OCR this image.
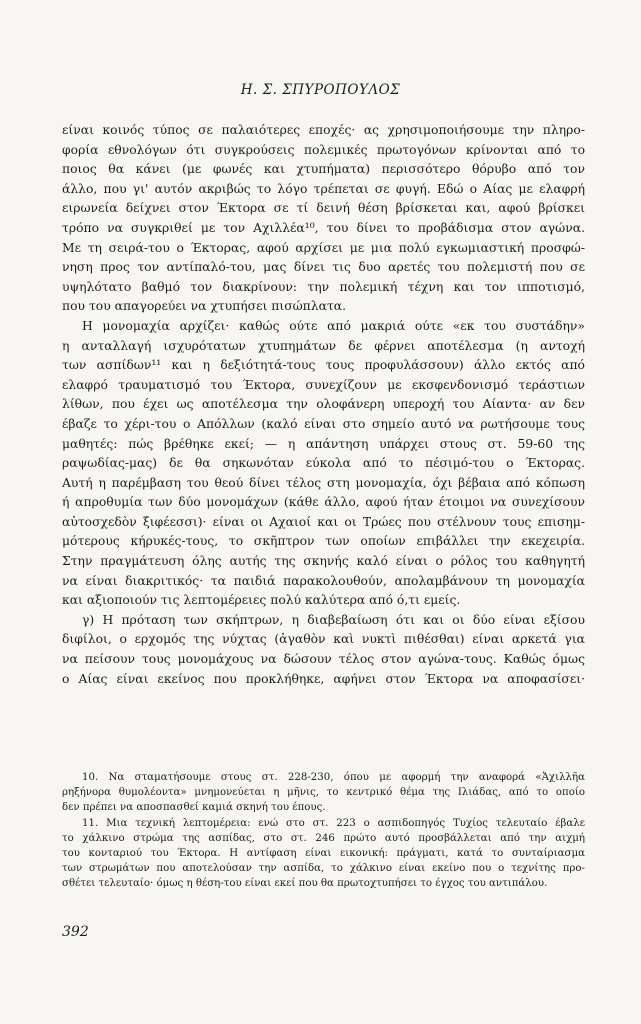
Η. Σ. ΣΠΥΡΟΠΟΥΛΟΣ
είναι κοινός τύπος σε παλαιότερες εποχές· ας χρησιμοποιήσουμε την πληρο-
φορία εθνολόγων ότι συγκρούσεις πολεμικές πρωτογόνων κρίνονται από το
ποιος θα κάνει (με φωνές και χτυπήματα) περισσότερο θόρυβο από τον
άλλο, που γι' αυτόν ακριβώς το λόγο τρέπεται σε φυγή. Εδώ ο Αίας με ελαφρή
ειρωνεία δείχνει στον Έκτορα σε τί δεινή θέση βρίσκεται και, αφού βρίσκει
τρόπο να συγκριθεί με τον Αχιλλέα¹⁰, του δίνει το προβάδισμα στον αγώνα.
Με τη σειρά-του ο Έκτορας, αφού αρχίσει με μια πολύ εγκωμιαστική προσφώ-
νηση προς τον αντίπαλό-του, μας δίνει τις δυο αρετές του πολεμιστή που σε
υψηλότατο βαθμό τον διακρίνουν: την πολεμική τέχνη και τον ιπποτισμό,
που του απαγορεύει να χτυπήσει πισώπλατα.
Η μονομαχία αρχίζει· καθώς ούτε από μακριά ούτε «εκ του συστάδην»
η ανταλλαγή ισχυρότατων χτυπημάτων δε φέρνει αποτέλεσμα (η αντοχή
των ασπίδων¹¹ και η δεξιότητά-τους τους προφυλάσσουν) άλλο εκτός από
ελαφρό τραυματισμό του Έκτορα, συνεχίζουν με εκσφενδονισμό τεράστιων
λίθων, που έχει ως αποτέλεσμα την ολοφάνερη υπεροχή του Αίαντα· αν δεν
έβαζε το χέρι-του ο Απόλλων (καλό είναι στο σημείο αυτό να ρωτήσουμε τους
μαθητές: πώς βρέθηκε εκεί; — η απάντηση υπάρχει στους στ. 59-60 της
ραψωδίας-μας) δε θα σηκωνόταν εύκολα από το πέσιμό-του ο Έκτορας.
Αυτή η παρέμβαση του θεού δίνει τέλος στη μονομαχία, όχι βέβαια από κόπωση
ή απροθυμία των δύο μονομάχων (κάθε άλλο, αφού ήταν έτοιμοι να συνεχίσουν
αὐτοσχεδὸν ξιφέεσσι)· είναι οι Αχαιοί και οι Τρώες που στέλνουν τους επισημ-
μότερους κήρυκές-τους, το σκῆπτρον των οποίων επιβάλλει την εκεχειρία.
Στην πραγμάτευση όλης αυτής της σκηνής καλό είναι ο ρόλος του καθηγητή
να είναι διακριτικός· τα παιδιά παρακολουθούν, απολαμβάνουν τη μονομαχία
και αξιοποιούν τις λεπτομέρειες πολύ καλύτερα από ό,τι εμείς.
γ) Η πρόταση των σκήπτρων, η διαβεβαίωση ότι και οι δύο είναι εξίσου
διφίλοι, ο ερχομός της νύχτας (ἀγαθὸν καὶ νυκτὶ πιθέσθαι) είναι αρκετά για
να πείσουν τους μονομάχους να δώσουν τέλος στον αγώνα-τους. Καθώς όμως
ο Αίας είναι εκείνος που προκλήθηκε, αφήνει στον Έκτορα να αποφασίσει·
10. Να σταματήσουμε στους στ. 228-230, όπου με αφορμή την αναφορά «Ἀχιλλῆα
ρηξήνορα θυμολέοντα» μνημονεύεται η μῆνις, το κεντρικό θέμα της Ιλιάδας, από το οποίο
δεν πρέπει να αποσπασθεί καμιά σκηνή του έπους.
11. Μια τεχνική λεπτομέρεια: ενώ στο στ. 223 ο ασπιδοπηγός Τυχίος τελευταίο έβαλε
το χάλκινο στρώμα της ασπίδας, στο στ. 246 πρώτο αυτό προσβάλλεται από την αιχμή
του κονταριού του Έκτορα. Η αντίφαση είναι εικονική: πράγματι, κατά το συνταίριασμα
των στρωμάτων που αποτελούσαν την ασπίδα, το χάλκινο είναι εκείνο που ο τεχνίτης προ-
σθέτει τελευταίο· όμως η θέση-του είναι εκεί που θα πρωτοχτυπήσει το έγχος του αντιπάλου.
392
